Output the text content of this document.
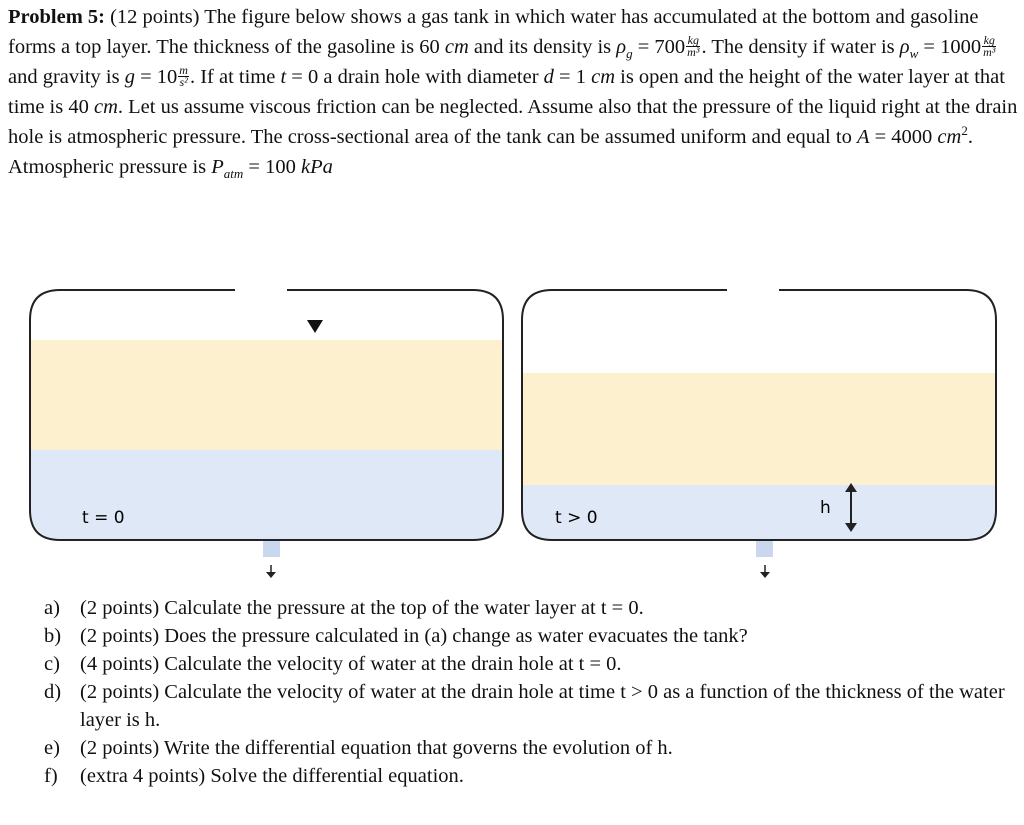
Problem 5: (12 points) The figure below shows a gas tank in which water has accumulated at the bottom and gasoline forms a top layer. The thickness of the gasoline is 60 cm and its density is $\rho_g = 700 \frac{kg}{\text{m³}}$ . The density if water is $\rho_w = 1000 \frac{kg}{\text{m³}}$
and gravity is $g = 10 \frac{m}{\text{s²}}$ . If at time t = 0 a drain hole with diameter d = 1 cm is open and the height of the water layer at that time is 40 cm. Let us assume viscous friction can be neglected. Assume also that the pressure of the liquid right at the drain hole is atmospheric pressure. The cross-sectional area of the tank can be assumed uniform and equal to A = 4000 $cm^2$. Atmospheric pressure is $P_{atm} = 100$ kPa
t = 0	t > 0	h
a) (2 points) Calculate the pressure at the top of the water layer at t = 0.
b) (2 points) Does the pressure calculated in (a) change as water evacuates the tank?
c) (4 points) Calculate the velocity of water at the drain hole at t = 0.
d) (2 points) Calculate the velocity of water at the drain hole at time t > 0 as a function of the thickness of the water layer is h.
e) (2 points) Write the differential equation that governs the evolution of h.
f)	(extra 4 points) Solve the differential equation.
